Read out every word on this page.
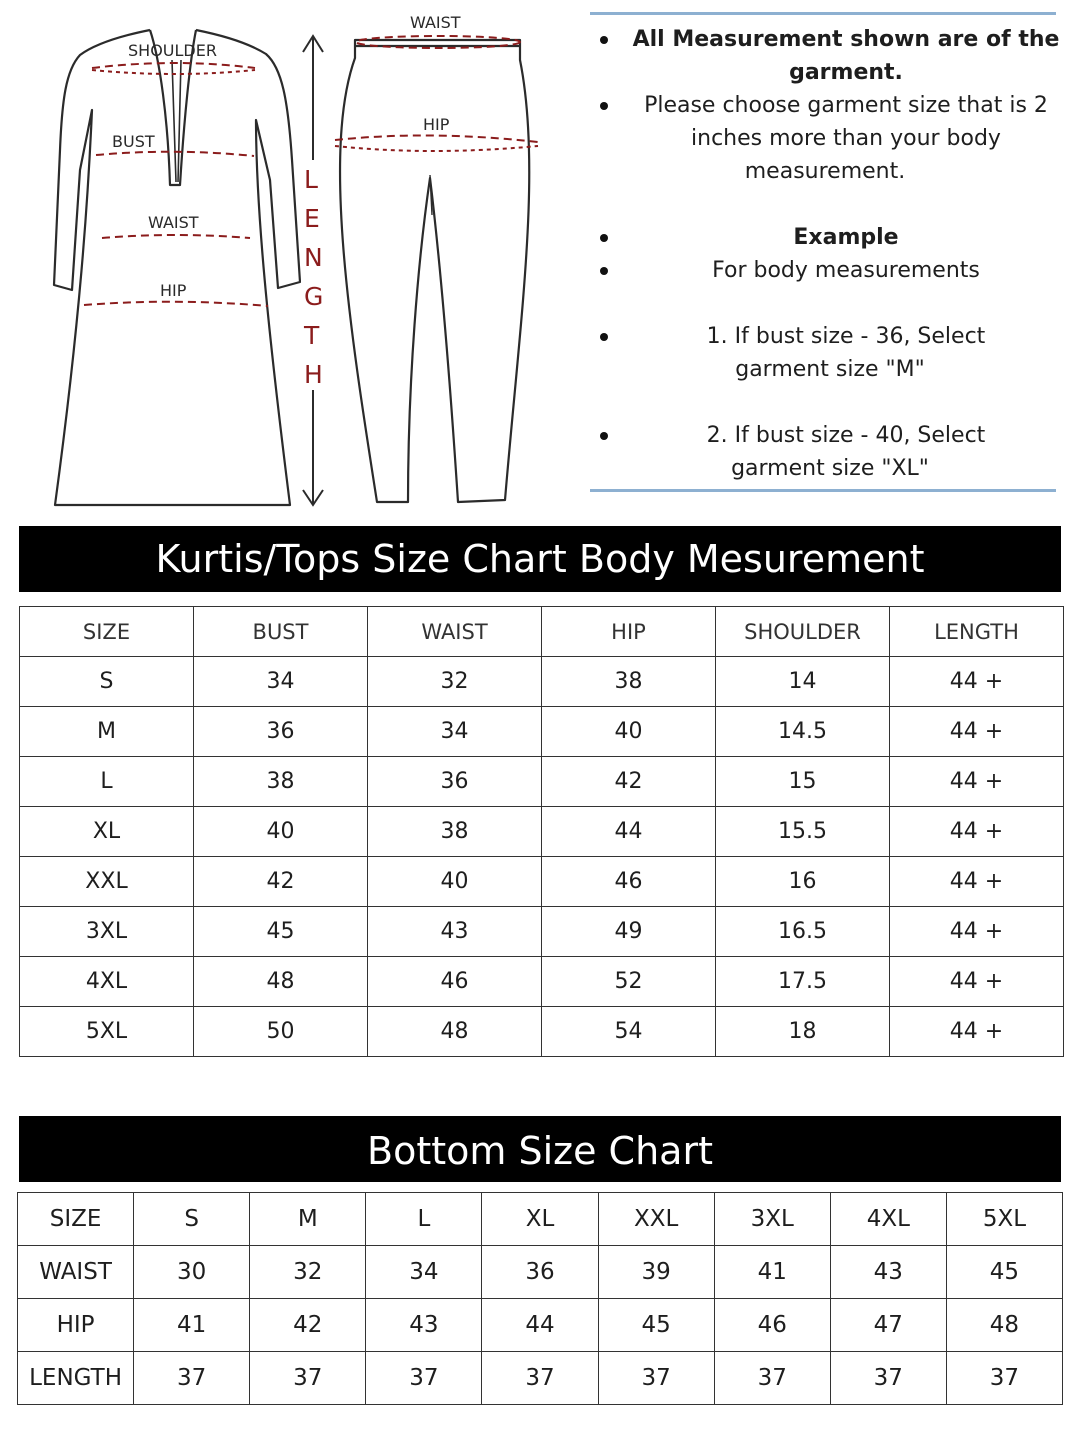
SHOULDER
BUST
WAIST
HIP
L
E
N
G
T
H
WAIST
HIP
All Measurement shown are of the
garment.
Please choose garment size that is 2
inches more than your body
measurement.
Example
For body measurements
1. If bust size - 36, Select
garment size "M"
2. If bust size - 40, Select
garment size "XL"
Kurtis/Tops Size Chart Body Mesurement
SIZE	BUST	WAIST	HIP	SHOULDER	LENGTH
S	34	32	38	14	44 +
M	36	34	40	14.5	44 +
L	38	36	42	15	44 +
XL	40	38	44	15.5	44 +
XXL	42	40	46	16	44 +
3XL	45	43	49	16.5	44 +
4XL	48	46	52	17.5	44 +
5XL	50	48	54	18	44 +
Bottom Size Chart
SIZE	S	M	L	XL	XXL	3XL	4XL	5XL
WAIST	30	32	34	36	39	41	43	45
HIP	41	42	43	44	45	46	47	48
LENGTH	37	37	37	37	37	37	37	37
